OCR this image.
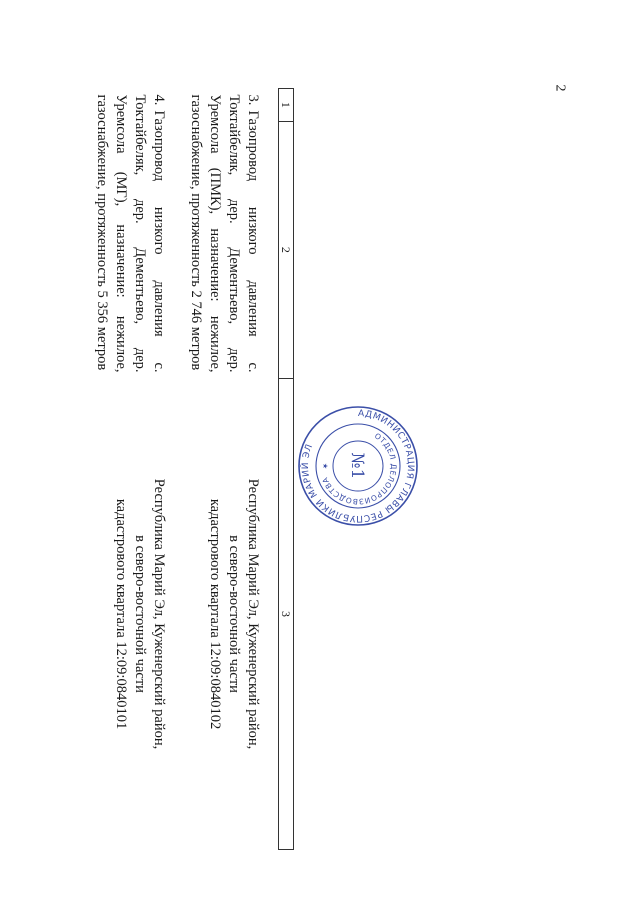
2
1	2	3

3.Газопровод низкого давления с. Токтайбеляк, дер. Дементьево, дер. Уремсола (ПМК), назначение: нежилое, газоснабжение, протяженность 2 746 метров		Республика Марий Эл, Куженерский район,
в северо-восточной части
кадастрового квартала 12:09:0840102

4.Газопровод низкого давления с. Токтайбеляк, дер. Дементьево, дер. Уремсола (МГ), назначение: нежилое, газоснабжение, протяженность 5 356 метров		Республика Марий Эл, Куженерский район,
в северо-восточной части
кадастрового квартала 12:09:0840101
АДМИНИСТРАЦИЯ ГЛАВЫ РЕСПУБЛИКИ МАРИЙ ЭЛ
ОТДЕЛ ДЕЛОПРОИЗВОДСТВА
№1
★
